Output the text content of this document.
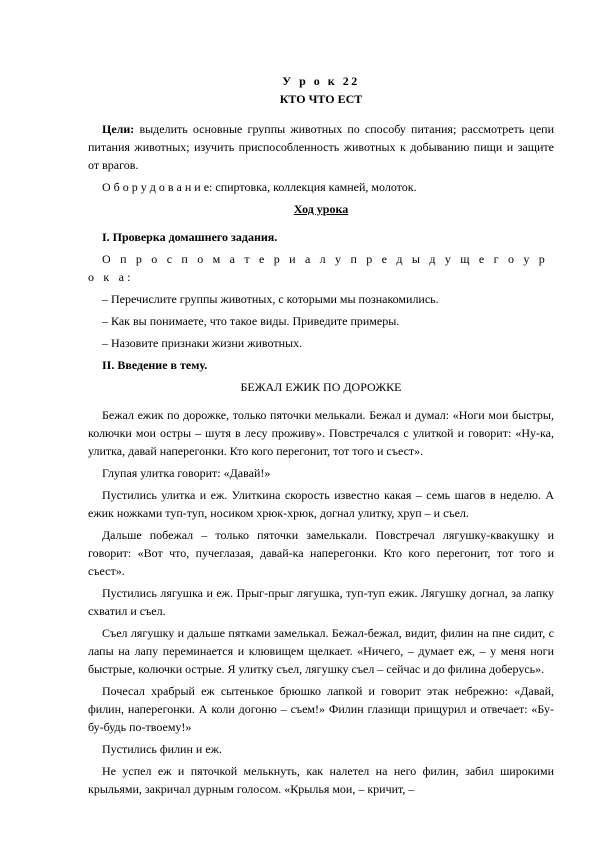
У р о к 22
КТО ЧТО ЕСТ

Цели: выделить основные группы животных по способу питания; рассмотреть цепи питания животных; изучить приспособленность животных к добыванию пищи и защите от врагов.

О б о р у д о в а н и е: спиртовка, коллекция камней, молоток.

Ход урока

I. Проверка домашнего задания.

О п р о с п о м а т е р и а л у п р е д ы д у щ е г о у р о к а:

– Перечислите группы животных, с которыми мы познакомились.

– Как вы понимаете, что такое виды. Приведите примеры.

– Назовите признаки жизни животных.

II. Введение в тему.

БЕЖАЛ ЕЖИК ПО ДОРОЖКЕ

Бежал ежик по дорожке, только пяточки мелькали. Бежал и думал: «Ноги мои быстры, колючки мои остры – шутя в лесу проживу». Повстречался с улиткой и говорит: «Ну-ка, улитка, давай наперегонки. Кто кого перегонит, тот того и съест».

Глупая улитка говорит: «Давай!»

Пустились улитка и еж. Улиткина скорость известно какая – семь шагов в неделю. А ежик ножками туп-туп, носиком хрюк-хрюк, догнал улитку, хруп – и съел.

Дальше побежал – только пяточки замелькали. Повстречал лягушку-квакушку и говорит: «Вот что, пучеглазая, давай-ка наперегонки. Кто кого перегонит, тот того и съест».

Пустились лягушка и еж. Прыг-прыг лягушка, туп-туп ежик. Лягушку догнал, за лапку схватил и съел.

Съел лягушку и дальше пятками замелькал. Бежал-бежал, видит, филин на пне сидит, с лапы на лапу переминается и клювищем щелкает. «Ничего, – думает еж, – у меня ноги быстрые, колючки острые. Я улитку съел, лягушку съел – сейчас и до филина доберусь».

Почесал храбрый еж сытенькое брюшко лапкой и говорит этак небрежно: «Давай, филин, наперегонки. А коли догоню – съем!» Филин глазищи прищурил и отвечает: «Бу-бу-будь по-твоему!»

Пустились филин и еж.

Не успел еж и пяточкой мелькнуть, как налетел на него филин, забил широкими крыльями, закричал дурным голосом. «Крылья мои, – кричит, –
